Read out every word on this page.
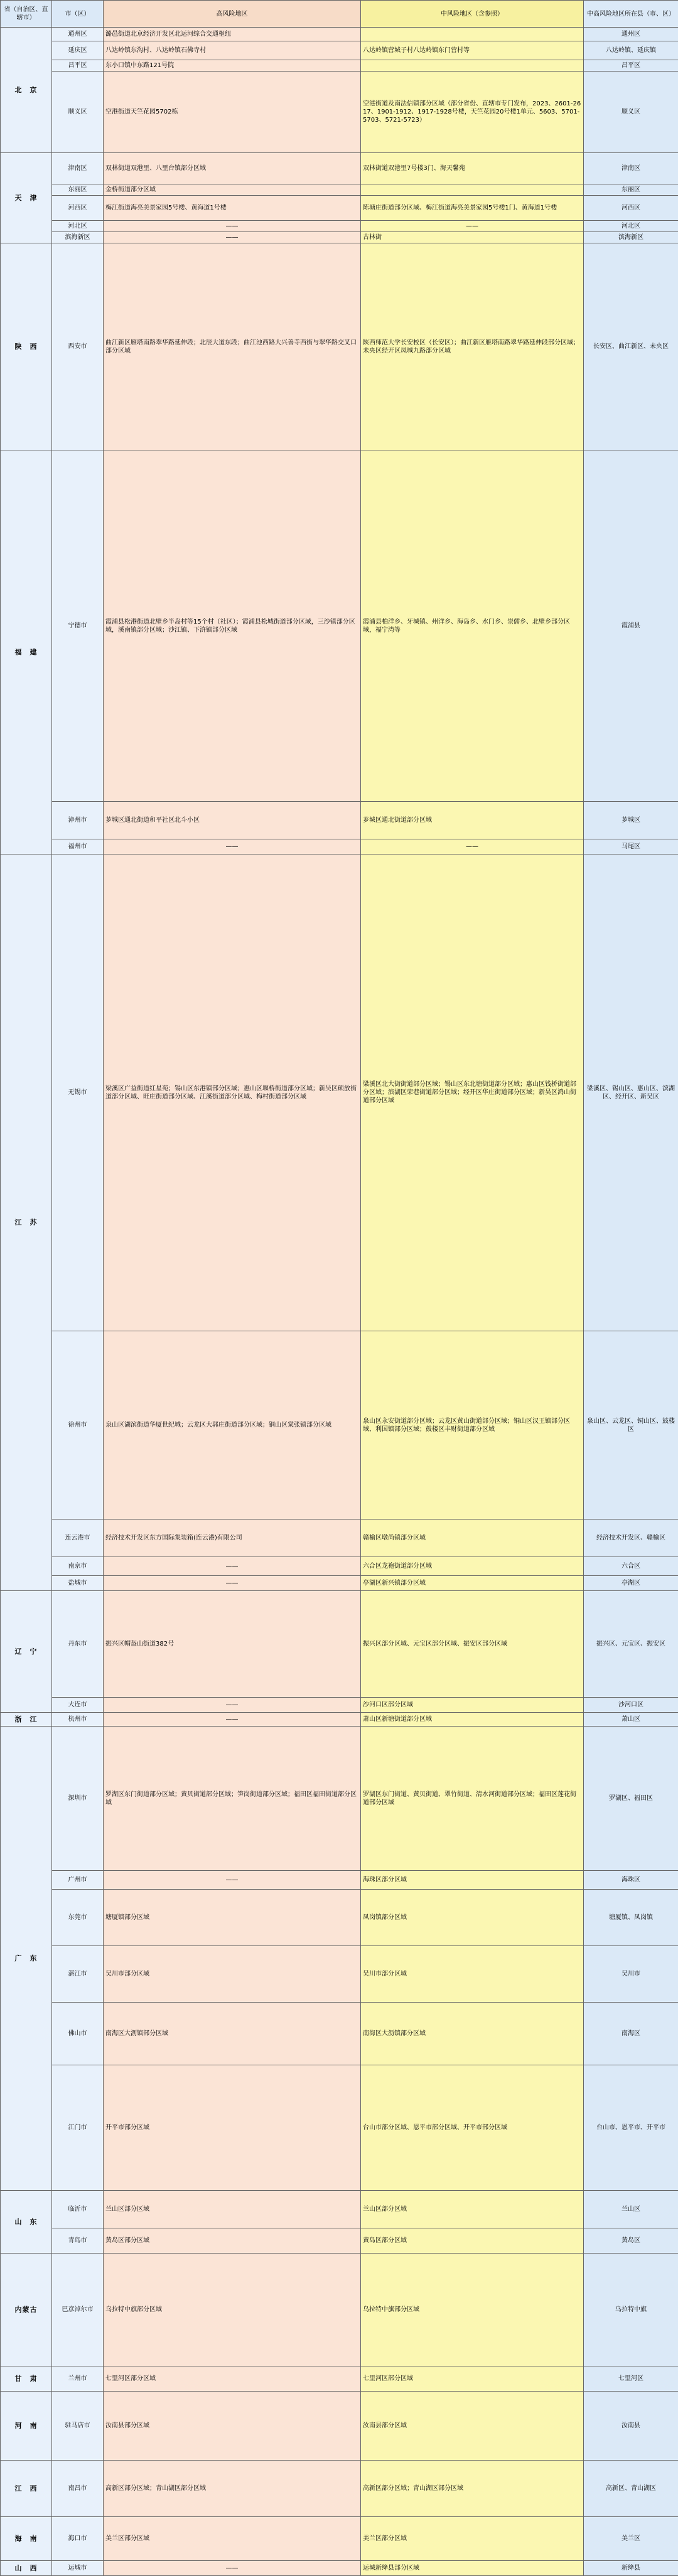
省（自治区、直辖市）	市（区）	高风险地区	中风险地区（含参照）	中高风险地区所在县（市、区）
北　京	通州区	潞邑街道北京经济开发区北运河综合交通枢纽		通州区
	延庆区	八达岭镇东沟村、八达岭镇石佛寺村	八达岭镇营城子村八达岭镇东门营村等	八达岭镇、延庆镇
	昌平区	东小口镇中东路121号院		昌平区
	顺义区	空港街道天竺花园5702栋	空港街道及南法信镇部分区域（部分省份、直辖市专门发布，2023、2601-2617、1901-1912、1917-1928号楼，天竺花园20号楼1单元、5603、5701-5703、5721-5723）	顺义区
天　津	津南区	双林街道双港里、八里台镇部分区域	双林街道双港里7号楼3门、海天馨苑	津南区
	东丽区	金桥街道部分区域		东丽区
	河西区	梅江街道海亮美景家园5号楼、黄海道1号楼	陈塘庄街道部分区域、梅江街道海亮美景家园5号楼1门、黄海道1号楼	河西区
	河北区	——	——	河北区
	滨海新区	——	古林街	滨海新区
陕　西	西安市	曲江新区雁塔南路翠华路延伸段；北辰大道东段；曲江池西路大兴善寺西街与翠华路交叉口部分区域	陕西师范大学长安校区（长安区）；曲江新区雁塔南路翠华路延伸段部分区域；未央区经开区凤城九路部分区域	长安区、曲江新区、未央区
福　建	宁德市	霞浦县松港街道北壁乡半岛村等15个村（社区）；霞浦县松城街道部分区域，三沙镇部分区域，溪南镇部分区域；沙江镇、下浒镇部分区域	霞浦县柏洋乡、牙城镇、州洋乡、海岛乡、水门乡、崇儒乡、北壁乡部分区域，福宁湾等	霞浦县
	漳州市	芗城区通北街道和平社区北斗小区	芗城区通北街道部分区域	芗城区
	福州市	——	——	马尾区
江　苏	无锡市	梁溪区广益街道红星苑；锡山区东港镇部分区域；惠山区堰桥街道部分区域；新吴区硕放街道部分区域、旺庄街道部分区域、江溪街道部分区域、梅村街道部分区域	梁溪区北大街街道部分区域；锡山区东北塘街道部分区域；惠山区钱桥街道部分区域；滨湖区荣巷街道部分区域；经开区华庄街道部分区域；新吴区鸿山街道部分区域	梁溪区、锡山区、惠山区、滨湖区、经开区、新吴区
	徐州市	泉山区湖滨街道华厦世纪城；云龙区大郭庄街道部分区域；铜山区棠张镇部分区域	泉山区永安街道部分区域；云龙区黄山街道部分区域；铜山区汉王镇部分区域、利国镇部分区域；鼓楼区丰财街道部分区域	泉山区、云龙区、铜山区、鼓楼区
	连云港市	经济技术开发区东方国际集装箱(连云港)有限公司	赣榆区墩尚镇部分区域	经济技术开发区、赣榆区
	南京市	——	六合区龙袍街道部分区域	六合区
	盐城市	——	亭湖区新兴镇部分区域	亭湖区
辽　宁	丹东市	振兴区帽盔山街道382号	振兴区部分区域、元宝区部分区域、振安区部分区域	振兴区、元宝区、振安区
	大连市	——	沙河口区部分区域	沙河口区
浙　江	杭州市	——	萧山区新塘街道部分区域	萧山区
广　东	深圳市	罗湖区东门街道部分区域；黄贝街道部分区域；笋岗街道部分区域；福田区福田街道部分区域	罗湖区东门街道、黄贝街道、翠竹街道、清水河街道部分区域；福田区莲花街道部分区域	罗湖区、福田区
	广州市	——	海珠区部分区域	海珠区
	东莞市	塘厦镇部分区域	凤岗镇部分区域	塘厦镇、凤岗镇
	湛江市	吴川市部分区域	吴川市部分区域	吴川市
	佛山市	南海区大沥镇部分区域	南海区大沥镇部分区域	南海区
	江门市	开平市部分区域	台山市部分区域、恩平市部分区域、开平市部分区域	台山市、恩平市、开平市
山　东	临沂市	兰山区部分区域	兰山区部分区域	兰山区
	青岛市	黄岛区部分区域	黄岛区部分区域	黄岛区
内蒙古	巴彦淖尔市	乌拉特中旗部分区域	乌拉特中旗部分区域	乌拉特中旗
甘　肃	兰州市	七里河区部分区域	七里河区部分区域	七里河区
河　南	驻马店市	汝南县部分区域	汝南县部分区域	汝南县
江　西	南昌市	高新区部分区域；青山湖区部分区域	高新区部分区域；青山湖区部分区域	高新区、青山湖区
海　南	海口市	美兰区部分区域	美兰区部分区域	美兰区
山　西	运城市	——	运城新绛县部分区域	新绛县
